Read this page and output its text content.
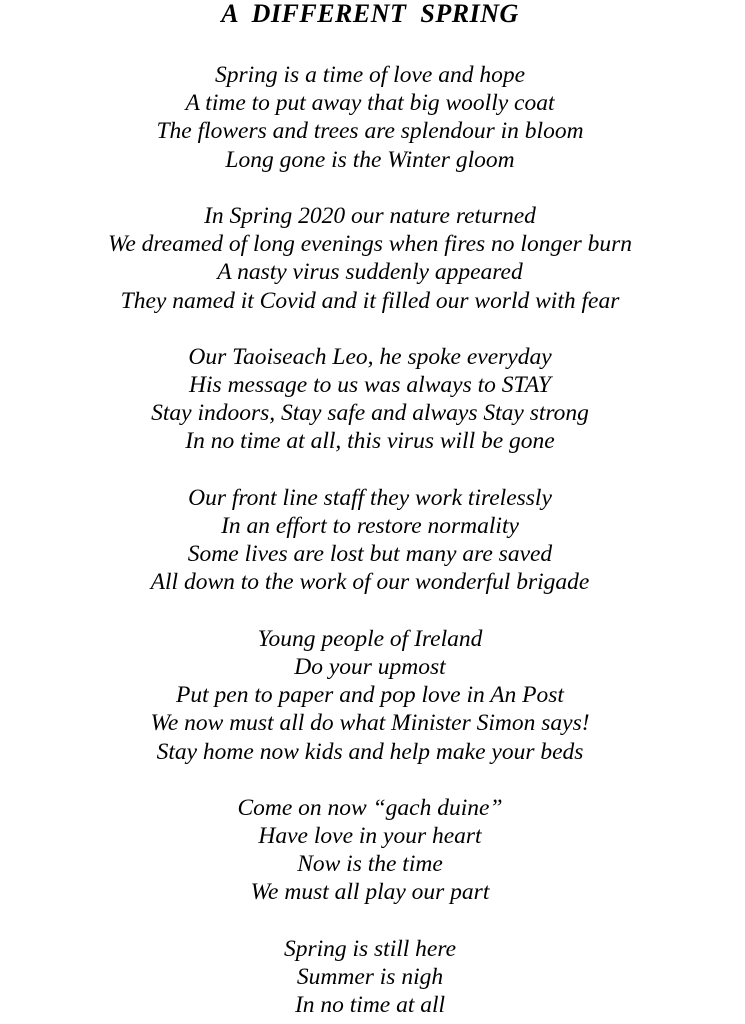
A  DIFFERENT  SPRING
Spring is a time of love and hope
A time to put away that big woolly coat
The flowers and trees are splendour in bloom
Long gone is the Winter gloom
In Spring 2020 our nature returned
We dreamed of long evenings when fires no longer burn
A nasty virus suddenly appeared
They named it Covid and it filled our world with fear
Our Taoiseach Leo, he spoke everyday
His message to us was always to STAY
Stay indoors, Stay safe and always Stay strong
In no time at all, this virus will be gone
Our front line staff they work tirelessly
In an effort to restore normality
Some lives are lost but many are saved
All down to the work of our wonderful brigade
Young people of Ireland
Do your upmost
Put pen to paper and pop love in An Post
We now must all do what Minister Simon says!
Stay home now kids and help make your beds
Come on now “gach duine”
Have love in your heart
Now is the time
We must all play our part
Spring is still here
Summer is nigh
In no time at all
